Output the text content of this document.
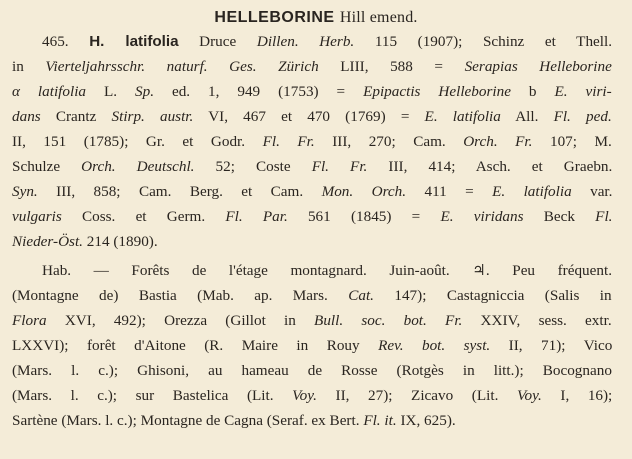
HELLEBORINE Hill emend.
465. H. latifolia Druce Dillen. Herb. 115 (1907); Schinz et Thell.
in Vierteljahrsschr. naturf. Ges. Zürich LIII, 588 = Serapias Helleborine
α latifolia L. Sp. ed. 1, 949 (1753) = Epipactis Helleborine b E. viri-
dans Crantz Stirp. austr. VI, 467 et 470 (1769) = E. latifolia All. Fl. ped.
II, 151 (1785); Gr. et Godr. Fl. Fr. III, 270; Cam. Orch. Fr. 107; M.
Schulze Orch. Deutschl. 52; Coste Fl. Fr. III, 414; Asch. et Graebn.
Syn. III, 858; Cam. Berg. et Cam. Mon. Orch. 411 = E. latifolia var.
vulgaris Coss. et Germ. Fl. Par. 561 (1845) = E. viridans Beck Fl.
Nieder-Öst. 214 (1890).
Hab. — Forêts de l'étage montagnard. Juin-août. ♃. Peu fréquent.
(Montagne de) Bastia (Mab. ap. Mars. Cat. 147); Castagniccia (Salis in
Flora XVI, 492); Orezza (Gillot in Bull. soc. bot. Fr. XXIV, sess. extr.
LXXVI); forêt d'Aitone (R. Maire in Rouy Rev. bot. syst. II, 71); Vico
(Mars. l. c.); Ghisoni, au hameau de Rosse (Rotgès in litt.); Bocognano
(Mars. l. c.); sur Bastelica (Lit. Voy. II, 27); Zicavo (Lit. Voy. I, 16);
Sartène (Mars. l. c.); Montagne de Cagna (Seraf. ex Bert. Fl. it. IX, 625).
